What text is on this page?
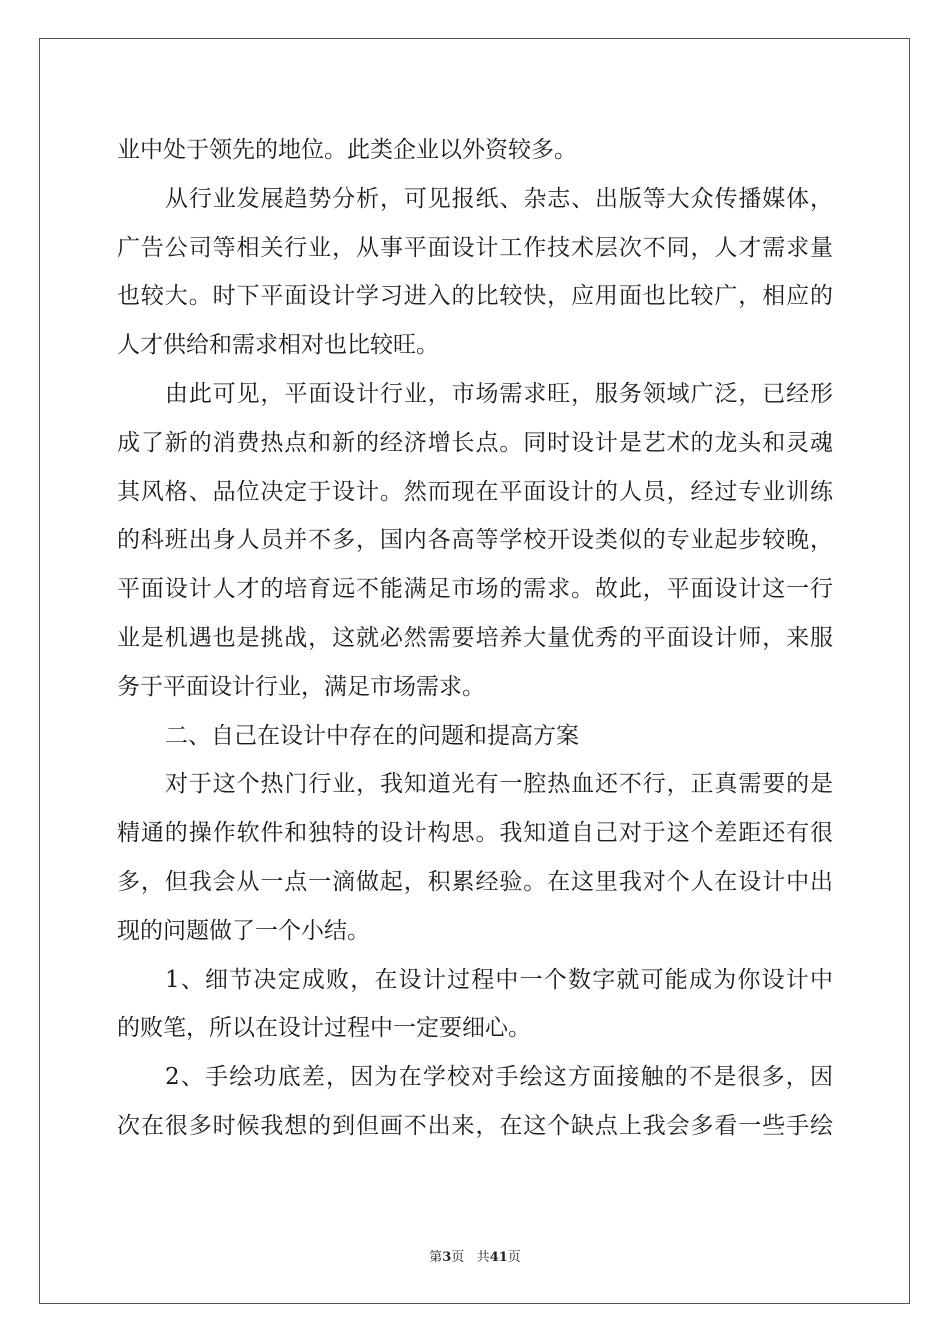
业中处于领先的地位。此类企业以外资较多。
从行业发展趋势分析，可见报纸、杂志、出版等大众传播媒体，
广告公司等相关行业，从事平面设计工作技术层次不同，人才需求量
也较大。时下平面设计学习进入的比较快，应用面也比较广，相应的
人才供给和需求相对也比较旺。
由此可见，平面设计行业，市场需求旺，服务领域广泛，已经形
成了新的消费热点和新的经济增长点。同时设计是艺术的龙头和灵魂
其风格、品位决定于设计。然而现在平面设计的人员，经过专业训练
的科班出身人员并不多，国内各高等学校开设类似的专业起步较晚，
平面设计人才的培育远不能满足市场的需求。故此，平面设计这一行
业是机遇也是挑战，这就必然需要培养大量优秀的平面设计师，来服
务于平面设计行业，满足市场需求。
二、自己在设计中存在的问题和提高方案
对于这个热门行业，我知道光有一腔热血还不行，正真需要的是
精通的操作软件和独特的设计构思。我知道自己对于这个差距还有很
多，但我会从一点一滴做起，积累经验。在这里我对个人在设计中出
现的问题做了一个小结。
1、细节决定成败，在设计过程中一个数字就可能成为你设计中
的败笔，所以在设计过程中一定要细心。
2、手绘功底差，因为在学校对手绘这方面接触的不是很多，因
次在很多时候我想的到但画不出来，在这个缺点上我会多看一些手绘
第3页 共41页
